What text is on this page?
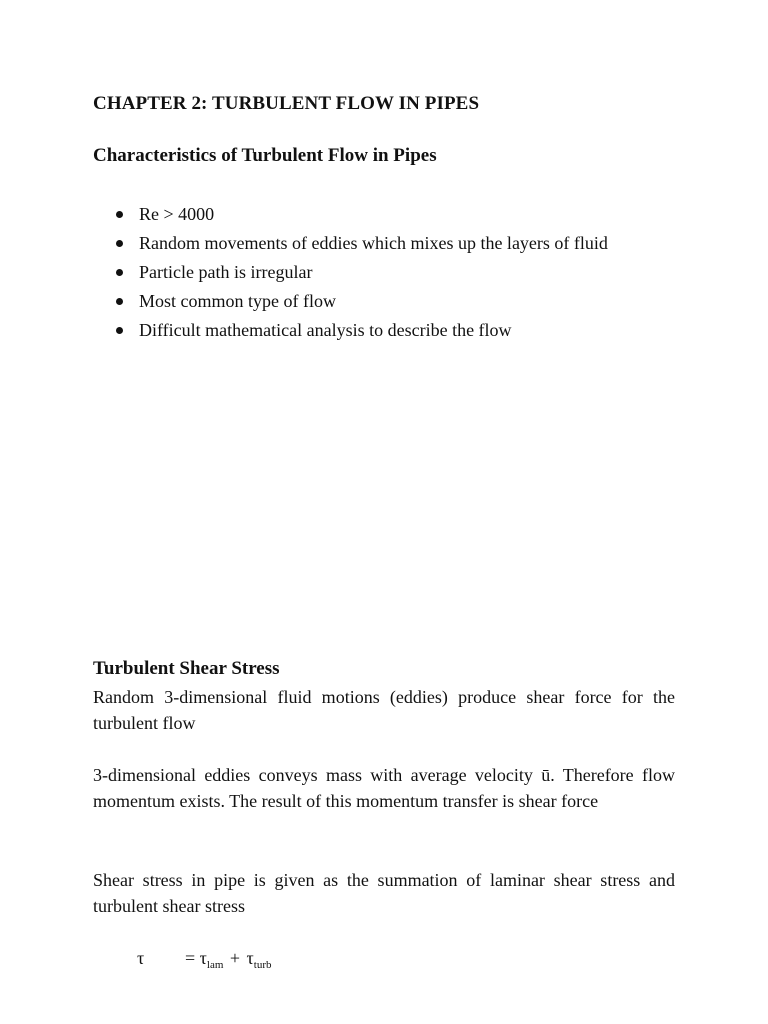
CHAPTER 2: TURBULENT FLOW IN PIPES
Characteristics of Turbulent Flow in Pipes
Re > 4000
Random movements of eddies which mixes up the layers of fluid
Particle path is irregular
Most common type of flow
Difficult mathematical analysis to describe the flow
Turbulent Shear Stress

Random 3-dimensional fluid motions (eddies) produce shear force for the turbulent flow

3-dimensional eddies conveys mass with average velocity ū. Therefore flow momentum exists. The result of this momentum transfer is shear force

Shear stress in pipe is given as the summation of laminar shear stress and turbulent shear stress

$\tau = \tau_{lam} + \tau_{turb}$
